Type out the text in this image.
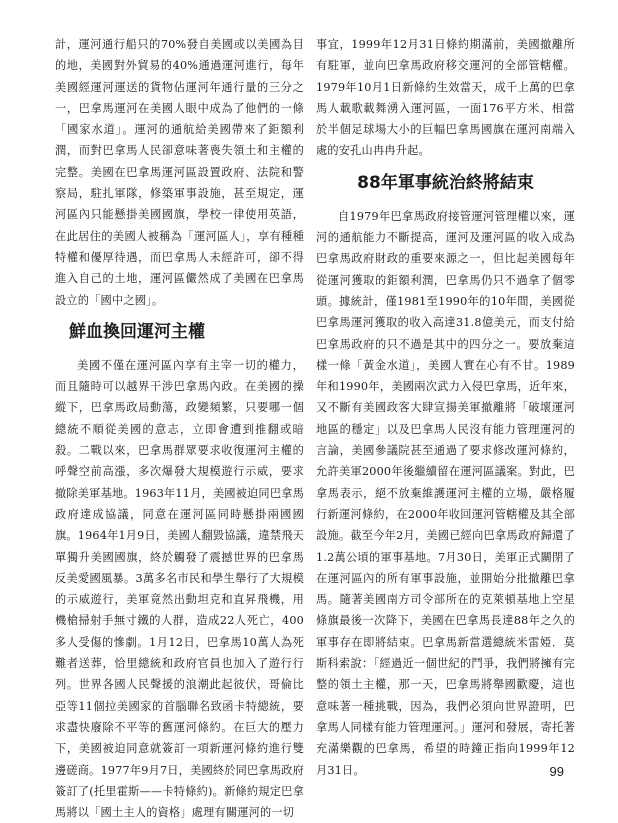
計，運河通行船只的70%發自美國或以美國為目的地，美國對外貿易的40%通過運河進行，每年美國經運河運送的貨物佔運河年通行量的三分之一，巴拿馬運河在美國人眼中成為了他們的一條「國家水道」。運河的通航給美國帶來了鉅額利潤，而對巴拿馬人民卻意味著喪失領土和主權的完整。美國在巴拿馬運河區設置政府、法院和警察局，駐扎軍隊，修築軍事設施，甚至規定，運河區內只能懸掛美國國旗，學校一律使用英語，在此居住的美國人被稱為「運河區人」，享有種種特權和優厚待遇，而巴拿馬人未經許可，卻不得進入自己的土地，運河區儼然成了美國在巴拿馬設立的「國中之國」。

鮮血換回運河主權

美國不僅在運河區內享有主宰一切的權力，而且隨時可以越界干涉巴拿馬內政。在美國的操縱下，巴拿馬政局動蕩，政變頻繁，只要哪一個總統不順從美國的意志，立即會遭到推翻或暗殺。二戰以來，巴拿馬群眾要求收復運河主權的呼聲空前高漲，多次爆發大規模遊行示威，要求撤除美軍基地。1963年11月，美國被迫同巴拿馬政府達成協議，同意在運河區同時懸掛兩國國旗。1964年1月9日，美國人翻毀協議，違禁飛天單獨升美國國旗，終於觸發了震撼世界的巴拿馬反美愛國風暴。3萬多名市民和學生舉行了大規模的示威遊行，美軍竟然出動坦克和直昇飛機，用機槍掃射手無寸鐵的人群，造成22人死亡，400多人受傷的慘劇。1月12日，巴拿馬10萬人為死難者送葬，恰里總統和政府官員也加入了遊行行列。世界各國人民聲援的浪潮此起彼伏，哥倫比亞等11個拉美國家的首腦聯名致函卡特總統，要求盡快廢除不平等的舊運河條約。在巨大的壓力下，美國被迫同意就簽訂一項新運河條約進行雙邊磋商。1977年9月7日，美國終於同巴拿馬政府簽訂了(托里霍斯——卡特條約)。新條約規定巴拿馬將以「國土主人的資格」處理有關運河的一切

事宜，1999年12月31日條約期滿前，美國撤離所有駐軍，並向巴拿馬政府移交運河的全部管轄權。1979年10月1日新條約生效當天，成千上萬的巴拿馬人載歌載舞湧入運河區，一面176平方米、相當於半個足球場大小的巨幅巴拿馬國旗在運河南端入　處的安孔山冉冉升起。

88年軍事統治終將結束

自1979年巴拿馬政府接管運河管理權以來，運河的通航能力不斷提高，運河及運河區的收入成為巴拿馬政府財政的重要來源之一，但比起美國每年從運河獲取的鉅額利潤，巴拿馬仍只不過拿了個零頭。據統計，僅1981至1990年的10年間，美國從巴拿馬運河獲取的收入高達31.8億美元，而支付給巴拿馬政府的只不過是其中的四分之一。要放棄這樣一條「黃金水道」，美國人實在心有不甘。1989年和1990年，美國兩次武力入侵巴拿馬，近年來，又不斷有美國政客大肆宣揚美軍撤離將「破壞運河地區的穩定」以及巴拿馬人民沒有能力管理運河的言論，美國參議院甚至通過了要求修改運河條約，允許美軍2000年後繼續留在運河區議案。對此，巴拿馬表示，絕不放棄維護運河主權的立場，嚴格履行新運河條約，在2000年收回運河管轄權及其全部設施。截至今年2月，美國已經向巴拿馬政府歸還了1.2萬公頃的軍事基地。7月30日，美軍正式關閉了在運河區內的所有軍事設施，並開始分批撤離巴拿馬。隨著美國南方司令部所在的克萊頓基地上空星條旗最後一次降下，美國在巴拿馬長達88年之久的軍事存在即將結束。巴拿馬新當選總統米雷婭．莫斯科索說：「經過近一個世紀的鬥爭，我們將擁有完整的領土主權，那一天，巴拿馬將舉國歡慶，這也意味著一種挑戰，因為，我們必須向世界證明，巴拿馬人同樣有能力管理運河。」運河和發展，寄托著充滿樂觀的巴拿馬，希望的時鐘正指向1999年12月31日。	99
